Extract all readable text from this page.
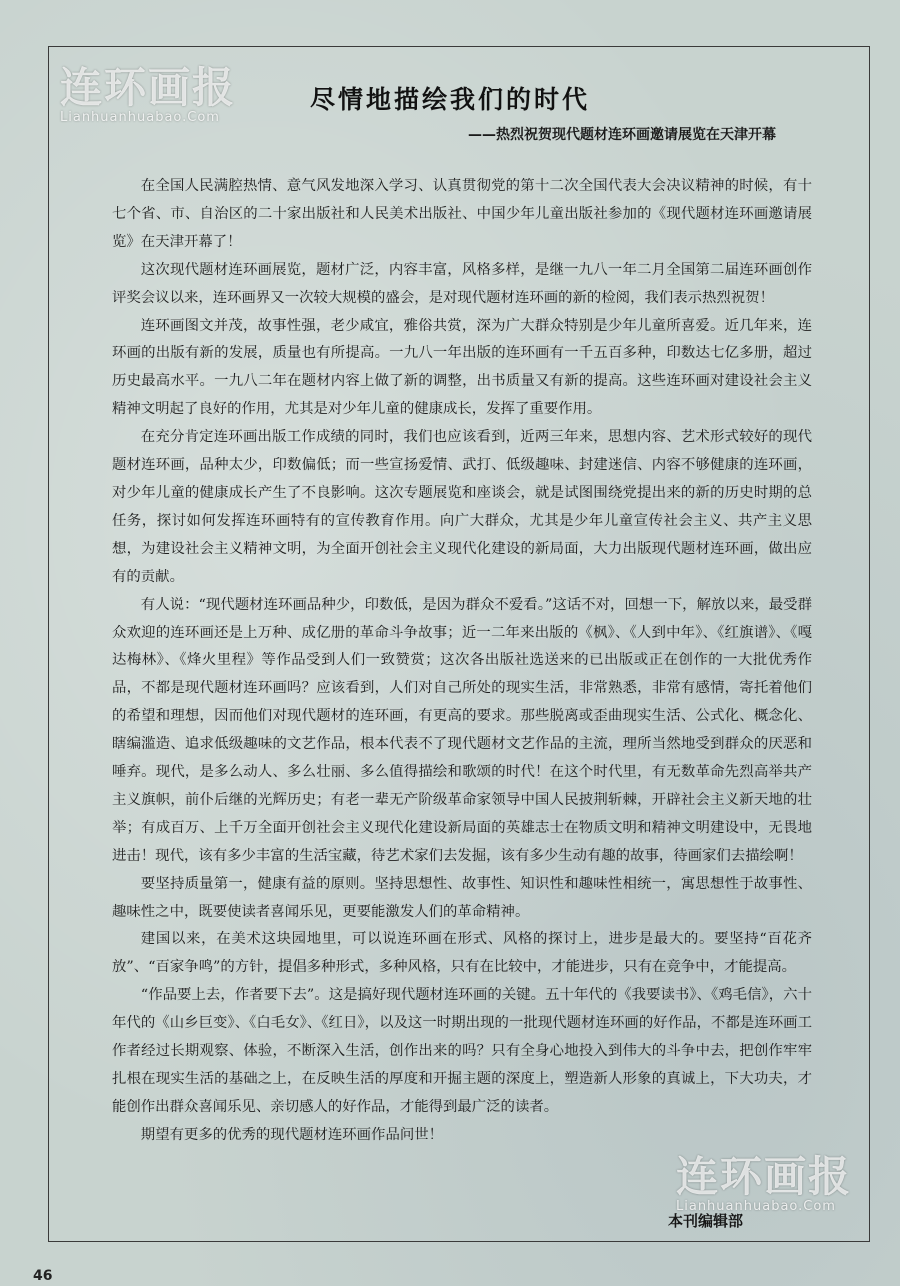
连环画报
Lianhuanhuabao.Com
尽情地描绘我们的时代
——热烈祝贺现代题材连环画邀请展览在天津开幕

在全国人民满腔热情、意气风发地深入学习、认真贯彻党的第十二次全国代表大会决议精神的时候，有十七个省、市、自治区的二十家出版社和人民美术出版社、中国少年儿童出版社参加的《现代题材连环画邀请展览》在天津开幕了！

这次现代题材连环画展览，题材广泛，内容丰富，风格多样，是继一九八一年二月全国第二届连环画创作评奖会议以来，连环画界又一次较大规模的盛会，是对现代题材连环画的新的检阅，我们表示热烈祝贺！

连环画图文并茂，故事性强，老少咸宜，雅俗共赏，深为广大群众特别是少年儿童所喜爱。近几年来，连环画的出版有新的发展，质量也有所提高。一九八一年出版的连环画有一千五百多种，印数达七亿多册，超过历史最高水平。一九八二年在题材内容上做了新的调整，出书质量又有新的提高。这些连环画对建设社会主义精神文明起了良好的作用，尤其是对少年儿童的健康成长，发挥了重要作用。

在充分肯定连环画出版工作成绩的同时，我们也应该看到，近两三年来，思想内容、艺术形式较好的现代题材连环画，品种太少，印数偏低；而一些宣扬爱情、武打、低级趣味、封建迷信、内容不够健康的连环画，对少年儿童的健康成长产生了不良影响。这次专题展览和座谈会，就是试图围绕党提出来的新的历史时期的总任务，探讨如何发挥连环画特有的宣传教育作用。向广大群众，尤其是少年儿童宣传社会主义、共产主义思想，为建设社会主义精神文明，为全面开创社会主义现代化建设的新局面，大力出版现代题材连环画，做出应有的贡献。

有人说：“现代题材连环画品种少，印数低，是因为群众不爱看。”这话不对，回想一下，解放以来，最受群众欢迎的连环画还是上万种、成亿册的革命斗争故事；近一二年来出版的《枫》、《人到中年》、《红旗谱》、《嘎达梅林》、《烽火里程》等作品受到人们一致赞赏；这次各出版社选送来的已出版或正在创作的一大批优秀作品，不都是现代题材连环画吗？应该看到，人们对自己所处的现实生活，非常熟悉，非常有感情，寄托着他们的希望和理想，因而他们对现代题材的连环画，有更高的要求。那些脱离或歪曲现实生活、公式化、概念化、瞎编滥造、追求低级趣味的文艺作品，根本代表不了现代题材文艺作品的主流，理所当然地受到群众的厌恶和唾弃。现代，是多么动人、多么壮丽、多么值得描绘和歌颂的时代！在这个时代里，有无数革命先烈高举共产主义旗帜，前仆后继的光辉历史；有老一辈无产阶级革命家领导中国人民披荆斩棘，开辟社会主义新天地的壮举；有成百万、上千万全面开创社会主义现代化建设新局面的英雄志士在物质文明和精神文明建设中，无畏地进击！现代，该有多少丰富的生活宝藏，待艺术家们去发掘，该有多少生动有趣的故事，待画家们去描绘啊！

要坚持质量第一，健康有益的原则。坚持思想性、故事性、知识性和趣味性相统一，寓思想性于故事性、趣味性之中，既要使读者喜闻乐见，更要能激发人们的革命精神。

建国以来，在美术这块园地里，可以说连环画在形式、风格的探讨上，进步是最大的。要坚持“百花齐放”、“百家争鸣”的方针，提倡多种形式，多种风格，只有在比较中，才能进步，只有在竞争中，才能提高。

“作品要上去，作者要下去”。这是搞好现代题材连环画的关键。五十年代的《我要读书》、《鸡毛信》，六十年代的《山乡巨变》、《白毛女》、《红日》，以及这一时期出现的一批现代题材连环画的好作品，不都是连环画工作者经过长期观察、体验，不断深入生活，创作出来的吗？只有全身心地投入到伟大的斗争中去，把创作牢牢扎根在现实生活的基础之上，在反映生活的厚度和开掘主题的深度上，塑造新人形象的真诚上，下大功夫，才能创作出群众喜闻乐见、亲切感人的好作品，才能得到最广泛的读者。

期望有更多的优秀的现代题材连环画作品问世！

连环画报
Lianhuanhuabao.Com
本刊编辑部
46
